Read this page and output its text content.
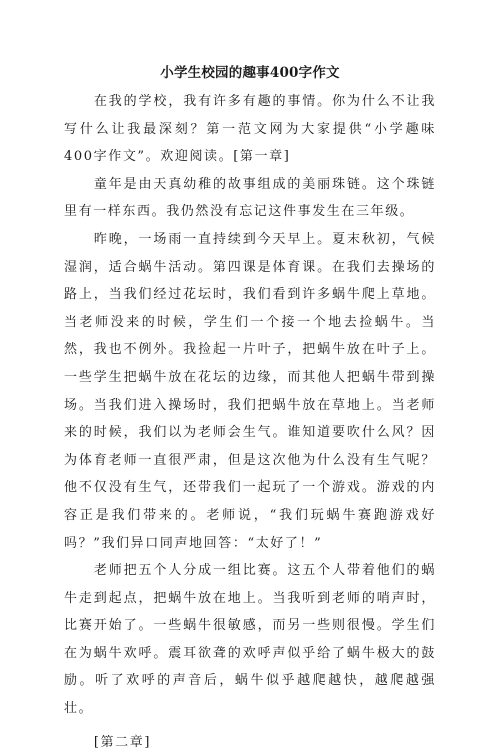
小学生校园的趣事400字作文

在我的学校，我有许多有趣的事情。你为什么不让我写什么让我最深刻？第一范文网为大家提供“小学趣味400字作文”。欢迎阅读。[第一章]

童年是由天真幼稚的故事组成的美丽珠链。这个珠链里有一样东西。我仍然没有忘记这件事发生在三年级。

昨晚，一场雨一直持续到今天早上。夏末秋初，气候湿润，适合蜗牛活动。第四课是体育课。在我们去操场的路上，当我们经过花坛时，我们看到许多蜗牛爬上草地。当老师没来的时候，学生们一个接一个地去捡蜗牛。当然，我也不例外。我捡起一片叶子，把蜗牛放在叶子上。一些学生把蜗牛放在花坛的边缘，而其他人把蜗牛带到操场。当我们进入操场时，我们把蜗牛放在草地上。当老师来的时候，我们以为老师会生气。谁知道要吹什么风？因为体育老师一直很严肃，但是这次他为什么没有生气呢？他不仅没有生气，还带我们一起玩了一个游戏。游戏的内容正是我们带来的。老师说，“我们玩蜗牛赛跑游戏好吗？”我们异口同声地回答：“太好了！”

老师把五个人分成一组比赛。这五个人带着他们的蜗牛走到起点，把蜗牛放在地上。当我听到老师的哨声时，比赛开始了。一些蜗牛很敏感，而另一些则很慢。学生们在为蜗牛欢呼。震耳欲聋的欢呼声似乎给了蜗牛极大的鼓励。听了欢呼的声音后，蜗牛似乎越爬越快，越爬越强壮。

[第二章]
